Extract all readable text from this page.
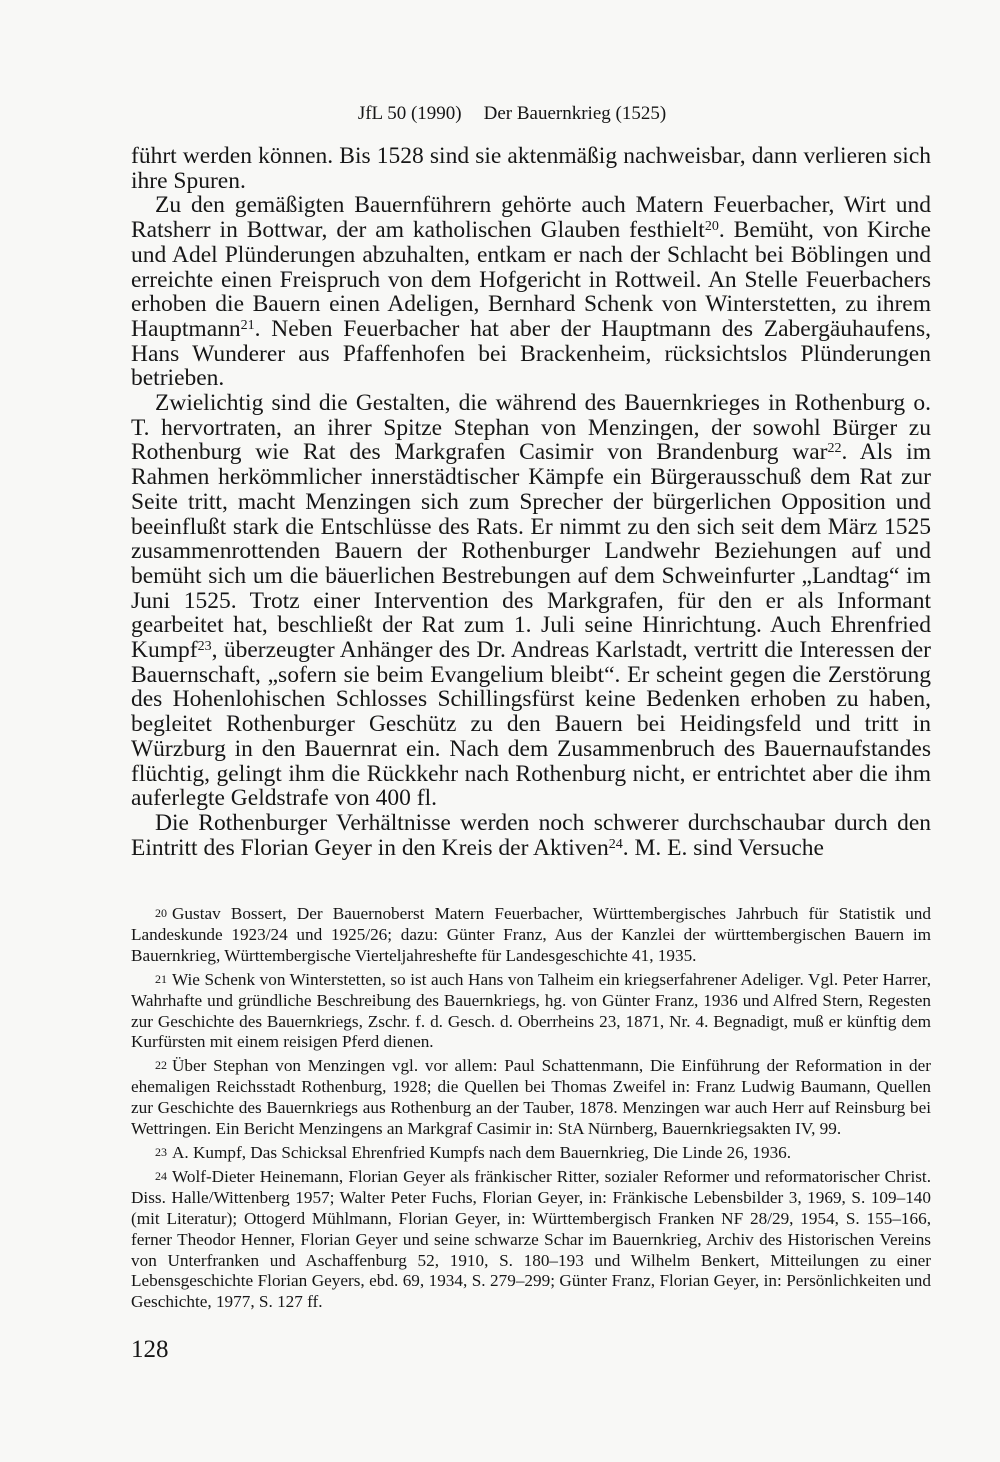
JfL 50 (1990) Der Bauernkrieg (1525)

führt werden können. Bis 1528 sind sie aktenmäßig nachweisbar, dann verlieren sich ihre Spuren.

Zu den gemäßigten Bauernführern gehörte auch Matern Feuerbacher, Wirt und Ratsherr in Bottwar, der am katholischen Glauben festhielt$^{20}$. Bemüht, von Kirche und Adel Plünderungen abzuhalten, entkam er nach der Schlacht bei Böblingen und erreichte einen Freispruch von dem Hofgericht in Rottweil. An Stelle Feuerbachers erhoben die Bauern einen Adeligen, Bernhard Schenk von Winterstetten, zu ihrem Hauptmann$^{21}$. Neben Feuerbacher hat aber der Hauptmann des Zabergäuhaufens, Hans Wunderer aus Pfaffenhofen bei Brackenheim, rücksichtslos Plünderungen betrieben.

Zwielichtig sind die Gestalten, die während des Bauernkrieges in Rothenburg o. T. hervortraten, an ihrer Spitze Stephan von Menzingen, der sowohl Bürger zu Rothenburg wie Rat des Markgrafen Casimir von Brandenburg war$^{22}$. Als im Rahmen herkömmlicher innerstädtischer Kämpfe ein Bürgerausschuß dem Rat zur Seite tritt, macht Menzingen sich zum Sprecher der bürgerlichen Opposition und beeinflußt stark die Entschlüsse des Rats. Er nimmt zu den sich seit dem März 1525 zusammenrottenden Bauern der Rothenburger Landwehr Beziehungen auf und bemüht sich um die bäuerlichen Bestrebungen auf dem Schweinfurter „Landtag“ im Juni 1525. Trotz einer Intervention des Markgrafen, für den er als Informant gearbeitet hat, beschließt der Rat zum 1. Juli seine Hinrichtung. Auch Ehrenfried Kumpf$^{23}$, überzeugter Anhänger des Dr. Andreas Karlstadt, vertritt die Interessen der Bauernschaft, „sofern sie beim Evangelium bleibt“. Er scheint gegen die Zerstörung des Hohenlohischen Schlosses Schillingsfürst keine Bedenken erhoben zu haben, begleitet Rothenburger Geschütz zu den Bauern bei Heidingsfeld und tritt in Würzburg in den Bauernrat ein. Nach dem Zusammenbruch des Bauernaufstandes flüchtig, gelingt ihm die Rückkehr nach Rothenburg nicht, er entrichtet aber die ihm auferlegte Geldstrafe von 400 fl.

Die Rothenburger Verhältnisse werden noch schwerer durchschaubar durch den Eintritt des Florian Geyer in den Kreis der Aktiven$^{24}$. M. E. sind Versuche

20 Gustav Bossert, Der Bauernoberst Matern Feuerbacher, Württembergisches Jahrbuch für Statistik und Landeskunde 1923/24 und 1925/26; dazu: Günter Franz, Aus der Kanzlei der württembergischen Bauern im Bauernkrieg, Württembergische Vierteljahreshefte für Landesgeschichte 41, 1935.

21 Wie Schenk von Winterstetten, so ist auch Hans von Talheim ein kriegserfahrener Adeliger. Vgl. Peter Harrer, Wahrhafte und gründliche Beschreibung des Bauernkriegs, hg. von Günter Franz, 1936 und Alfred Stern, Regesten zur Geschichte des Bauernkriegs, Zschr. f. d. Gesch. d. Oberrheins 23, 1871, Nr. 4. Begnadigt, muß er künftig dem Kurfürsten mit einem reisigen Pferd dienen.

22 Über Stephan von Menzingen vgl. vor allem: Paul Schattenmann, Die Einführung der Reformation in der ehemaligen Reichsstadt Rothenburg, 1928; die Quellen bei Thomas Zweifel in: Franz Ludwig Baumann, Quellen zur Geschichte des Bauernkriegs aus Rothenburg an der Tauber, 1878. Menzingen war auch Herr auf Reinsburg bei Wettringen. Ein Bericht Menzingens an Markgraf Casimir in: StA Nürnberg, Bauernkriegsakten IV, 99.

23 A. Kumpf, Das Schicksal Ehrenfried Kumpfs nach dem Bauernkrieg, Die Linde 26, 1936.

24 Wolf-Dieter Heinemann, Florian Geyer als fränkischer Ritter, sozialer Reformer und reformatorischer Christ. Diss. Halle/Wittenberg 1957; Walter Peter Fuchs, Florian Geyer, in: Fränkische Lebensbilder 3, 1969, S. 109–140 (mit Literatur); Ottogerd Mühlmann, Florian Geyer, in: Württembergisch Franken NF 28/29, 1954, S. 155–166, ferner Theodor Henner, Florian Geyer und seine schwarze Schar im Bauernkrieg, Archiv des Historischen Vereins von Unterfranken und Aschaffenburg 52, 1910, S. 180–193 und Wilhelm Benkert, Mitteilungen zu einer Lebensgeschichte Florian Geyers, ebd. 69, 1934, S. 279–299; Günter Franz, Florian Geyer, in: Persönlichkeiten und Geschichte, 1977, S. 127 ff.

128
